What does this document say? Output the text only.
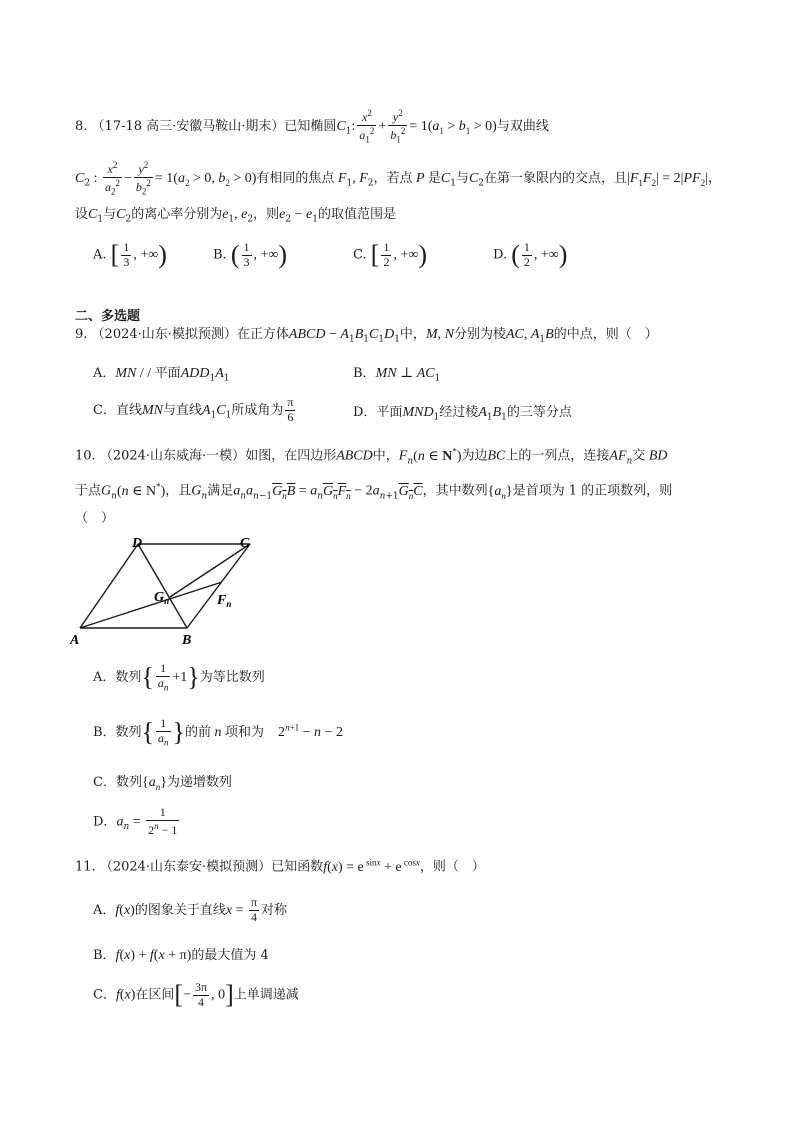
8. （17-18 高三·安徽马鞍山·期末）已知椭圆$C_1$: $\frac{x^2}{a_1^2} + \frac{y^2}{b_1^2} = 1(a_1 > b_1 > 0)$与双曲线
$C_2$ : $\frac{x^2}{a_2^2} - \frac{y^2}{b_2^2} = 1(a_2 > 0$, $b_2 > 0$)有相同的焦点 $F_1$, $F_2$，若点 P 是$C_1$与$C_2$在第一象限内的交点，且$|F_1F_2| = 2|PF_2|$，
设$C_1$与$C_2$的离心率分别为$e_1$, $e_2$，则$e_2 - e_1$的取值范围是
A. [ $\frac{1}{3}$ , +∞)	B. ( $\frac{1}{3}$ , +∞)	C. [ $\frac{1}{2}$ , +∞)	D. ( $\frac{1}{2}$ , +∞)
二、多选题
9. （2024·山东·模拟预测）在正方体ABCD − $A_1B_1C_1D_1$中，M, N分别为棱AC, $A_1B$的中点，则（　）
A．MN / / 平面$ADD_1A_1$	B．MN ⊥ $AC_1$
C．直线MN与直线$A_1C_1$所成角为 $\frac{\pi}{6}$	D．平面$MND_1$经过棱$A_1B_1$的三等分点
10. （2024·山东威海·一模）如图，在四边形ABCD中，$F_n(n$ ∈ N*)为边BC上的一列点，连接$AF_n$交 BD
于点$G_n(n$ ∈ N*)，且$G_n$满足$a_na_{n-1}G_nB = a_nG_nF_n - 2a_{n+1}G_nC$，其中数列$\{a_n\}$是首项为 1 的正项数列，则
（　）
D	C
A	B
$G_n$	$F_n$
A．数列{ $\frac{1}{a_n} +1$}为等比数列
B．数列{ $\frac{1}{a_n}$ }的前 n 项和为　$2^{n+1} - n - 2$
C．数列$\{a_n\}$为递增数列
D．$a_n = \frac{1}{2^n - 1}$
11. （2024·山东泰安·模拟预测）已知函数f(x) = e $^{sinx}$ + e $^{cosx}$，则（　）
A．f(x)的图象关于直线$x = \frac{\pi}{4}$ 对称
B．f(x) + f(x + π)的最大值为 4
C．f(x)在区间[− $\frac{3\pi}{4}$ , 0]上单调递减
